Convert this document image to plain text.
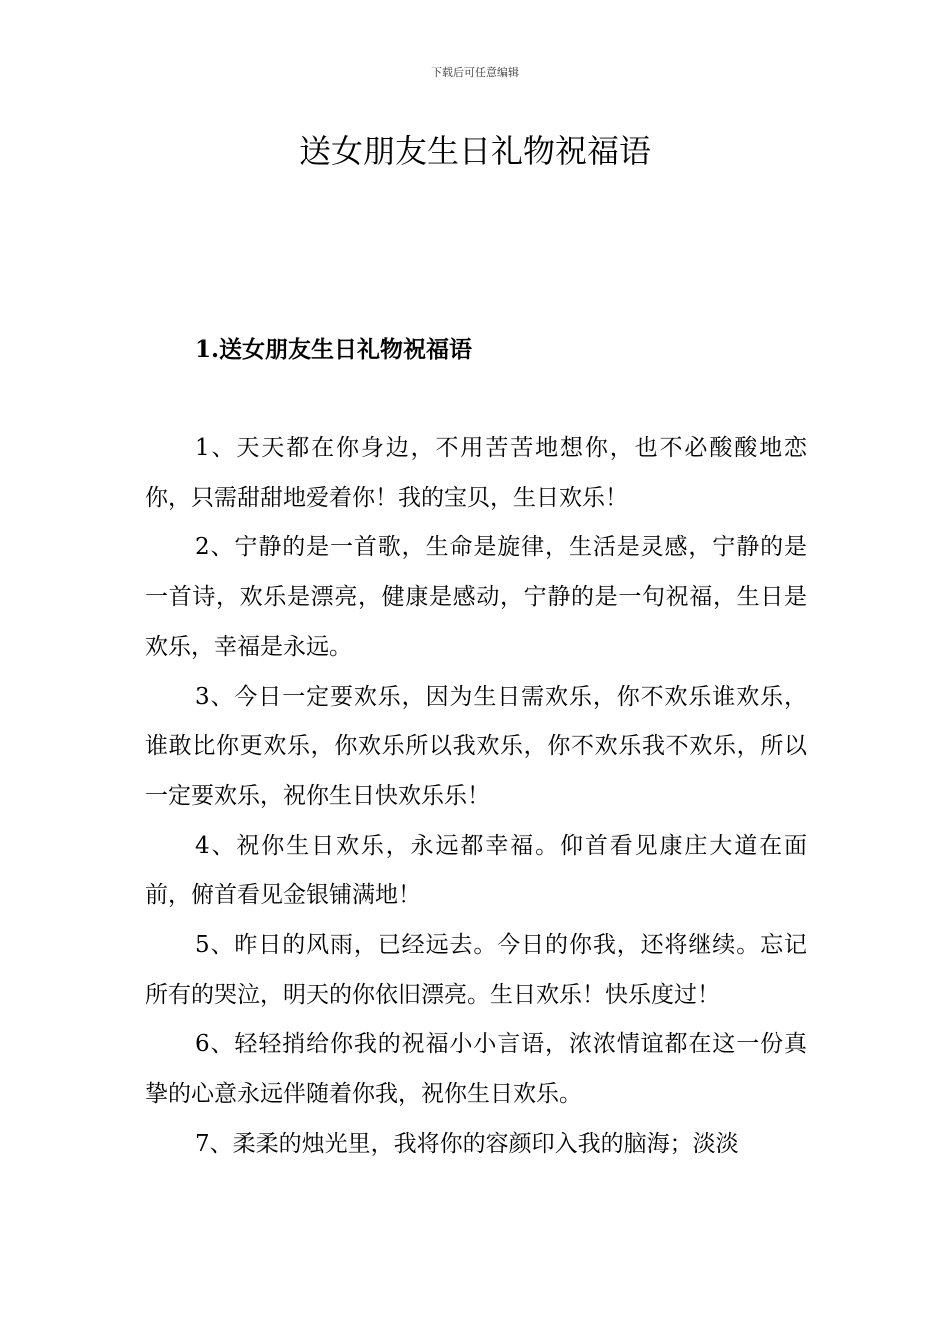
下载后可任意编辑
送女朋友生日礼物祝福语
1.送女朋友生日礼物祝福语

1、天天都在你身边，不用苦苦地想你，也不必酸酸地恋你，只需甜甜地爱着你！我的宝贝，生日欢乐！

2、宁静的是一首歌，生命是旋律，生活是灵感，宁静的是一首诗，欢乐是漂亮，健康是感动，宁静的是一句祝福，生日是欢乐，幸福是永远。

3、今日一定要欢乐，因为生日需欢乐，你不欢乐谁欢乐，谁敢比你更欢乐，你欢乐所以我欢乐，你不欢乐我不欢乐，所以一定要欢乐，祝你生日快欢乐乐！

4、祝你生日欢乐，永远都幸福。仰首看见康庄大道在面前，俯首看见金银铺满地！

5、昨日的风雨，已经远去。今日的你我，还将继续。忘记所有的哭泣，明天的你依旧漂亮。生日欢乐！快乐度过！

6、轻轻捎给你我的祝福小小言语，浓浓情谊都在这一份真挚的心意永远伴随着你我，祝你生日欢乐。

7、柔柔的烛光里，我将你的容颜印入我的脑海；淡淡
